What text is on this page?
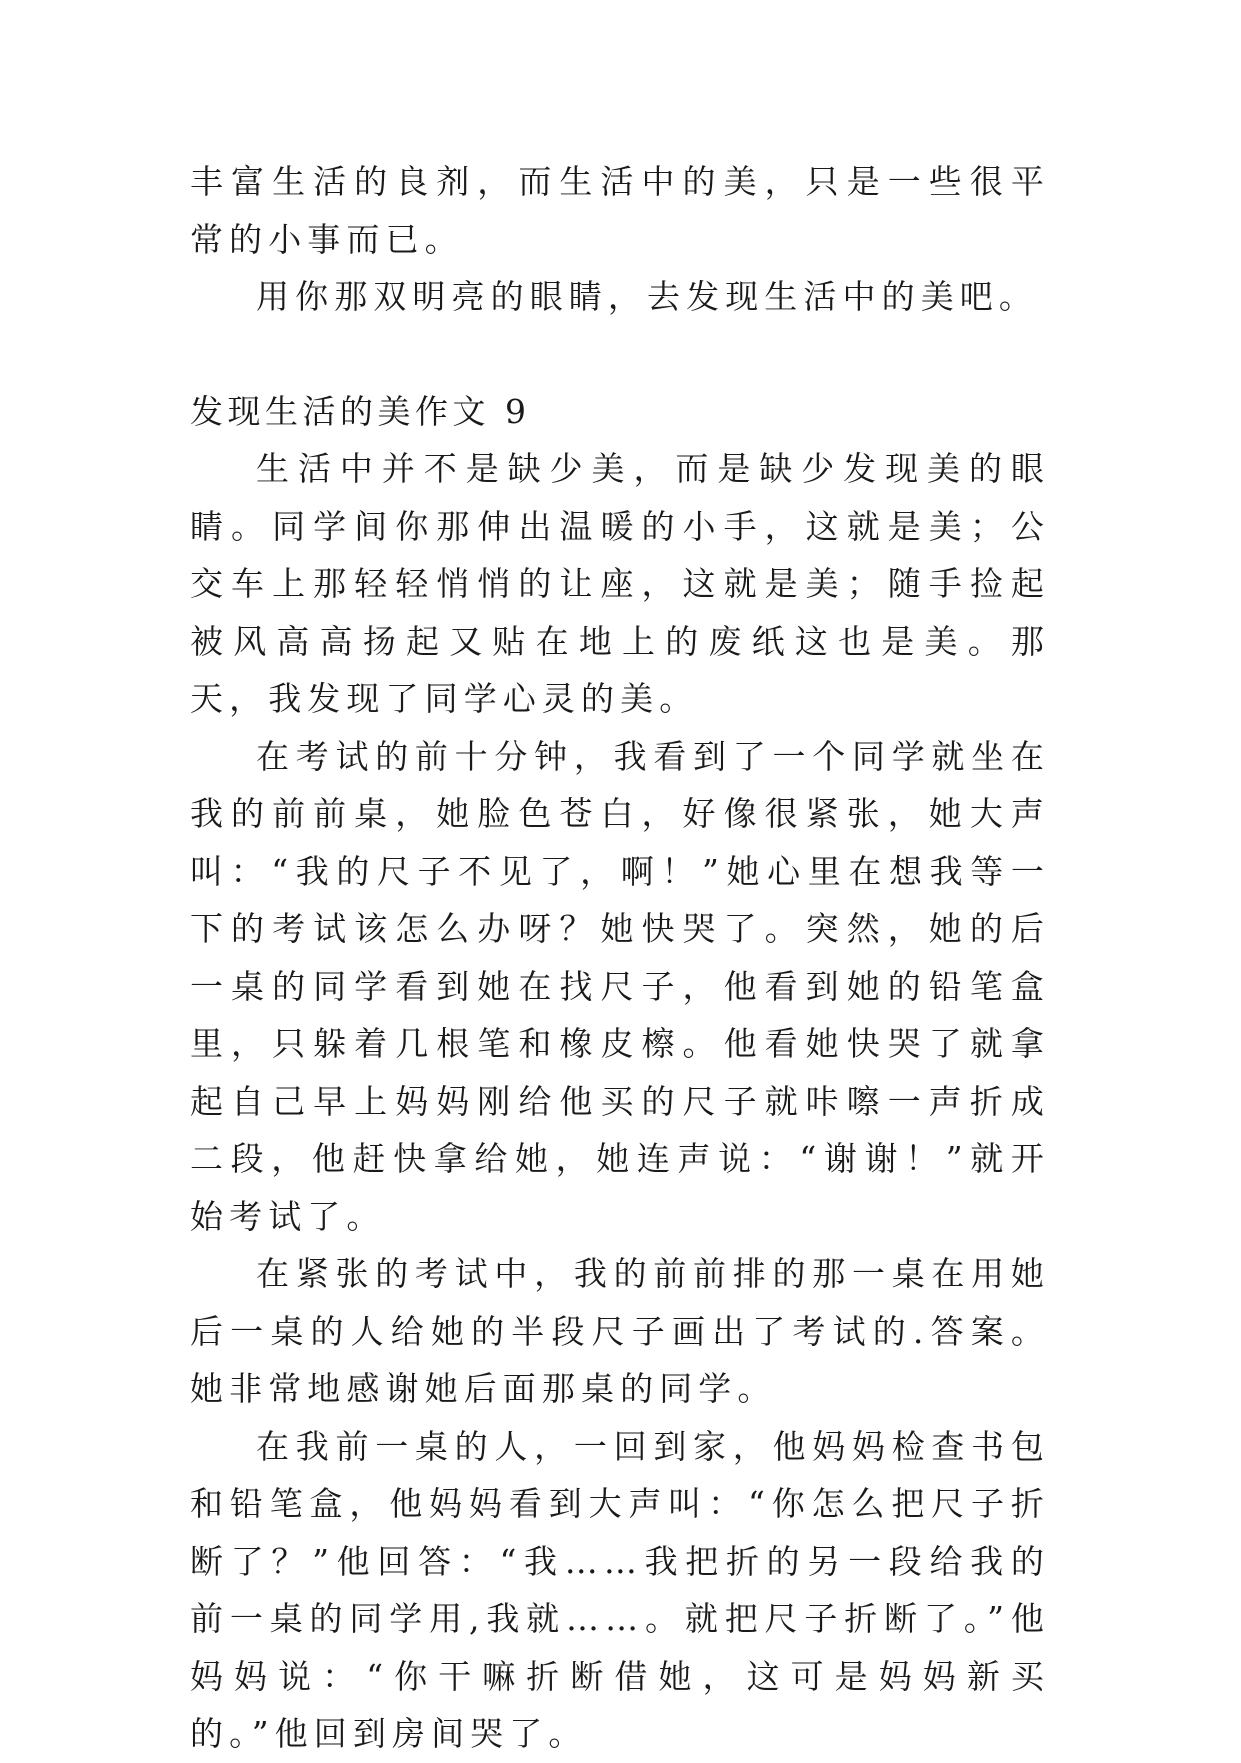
丰富生活的良剂，而生活中的美，只是一些很平常的小事而已。

用你那双明亮的眼睛，去发现生活中的美吧。

发现生活的美作文 9

生活中并不是缺少美，而是缺少发现美的眼睛。同学间你那伸出温暖的小手，这就是美；公交车上那轻轻悄悄的让座，这就是美；随手捡起被风高高扬起又贴在地上的废纸这也是美。那天，我发现了同学心灵的美。

在考试的前十分钟，我看到了一个同学就坐在我的前前桌，她脸色苍白，好像很紧张，她大声叫：“我的尺子不见了，啊！”她心里在想我等一下的考试该怎么办呀？她快哭了。突然，她的后一桌的同学看到她在找尺子，他看到她的铅笔盒里，只躲着几根笔和橡皮檫。他看她快哭了就拿起自己早上妈妈刚给他买的尺子就咔嚓一声折成二段，他赶快拿给她，她连声说：“谢谢！”就开始考试了。

在紧张的考试中，我的前前排的那一桌在用她后一桌的人给她的半段尺子画出了考试的.答案。她非常地感谢她后面那桌的同学。

在我前一桌的人，一回到家，他妈妈检查书包和铅笔盒，他妈妈看到大声叫：“你怎么把尺子折断了？”他回答：“我……我把折的另一段给我的前一桌的同学用,我就……。就把尺子折断了。”他妈妈说：“你干嘛折断借她，这可是妈妈新买的。”他回到房间哭了。
